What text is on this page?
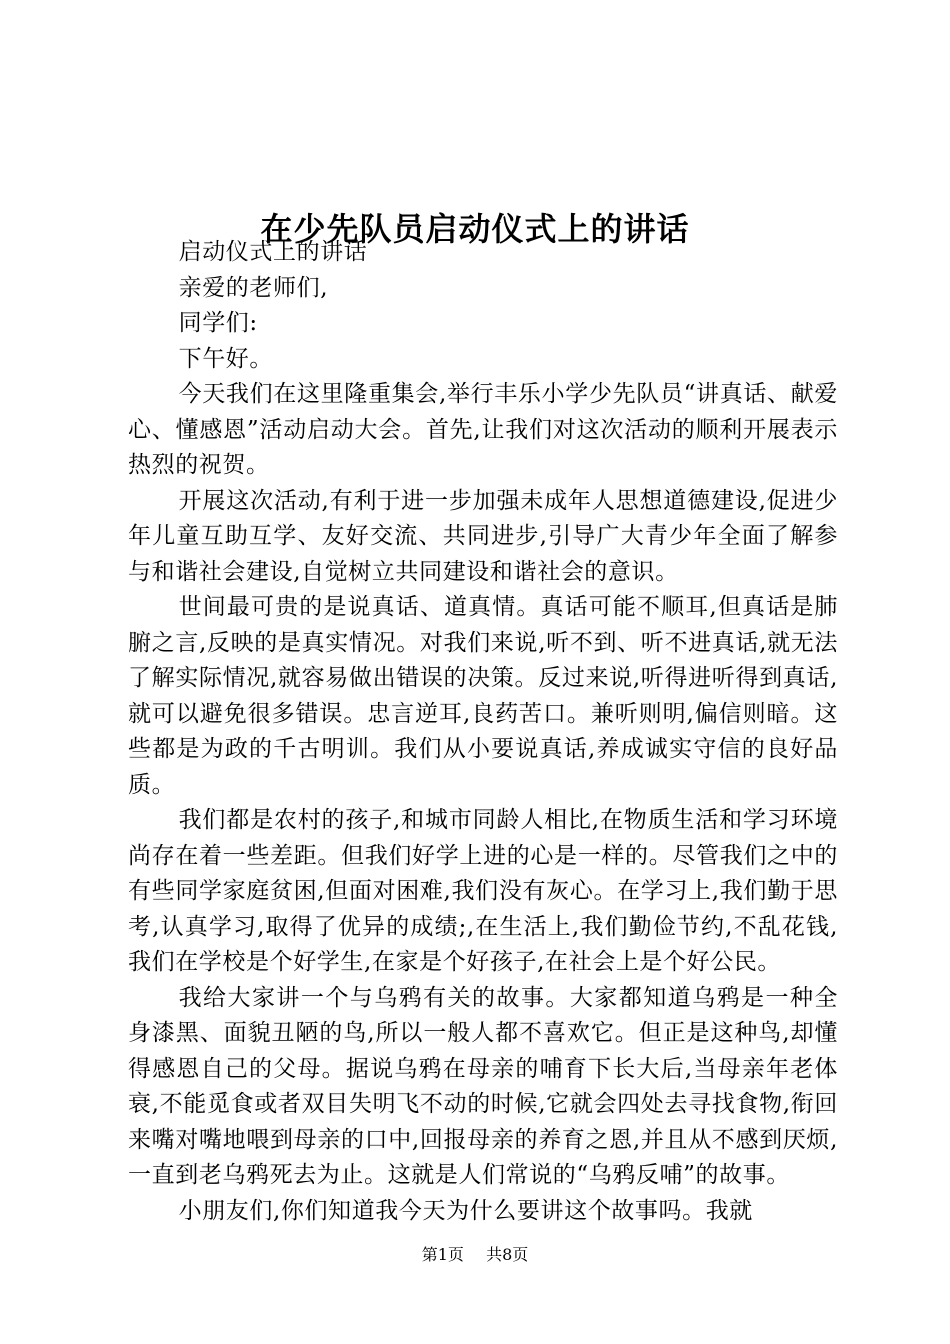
在少先队员启动仪式上的讲话

启动仪式上的讲话

亲爱的老师们,

同学们:

下午好。

今天我们在这里隆重集会,举行丰乐小学少先队员“讲真话、献爱心、懂感恩”活动启动大会。首先,让我们对这次活动的顺利开展表示热烈的祝贺。

开展这次活动,有利于进一步加强未成年人思想道德建设,促进少年儿童互助互学、友好交流、共同进步,引导广大青少年全面了解参与和谐社会建设,自觉树立共同建设和谐社会的意识。

世间最可贵的是说真话、道真情。真话可能不顺耳,但真话是肺腑之言,反映的是真实情况。对我们来说,听不到、听不进真话,就无法了解实际情况,就容易做出错误的决策。反过来说,听得进听得到真话,就可以避免很多错误。忠言逆耳,良药苦口。兼听则明,偏信则暗。这些都是为政的千古明训。我们从小要说真话,养成诚实守信的良好品质。

我们都是农村的孩子,和城市同龄人相比,在物质生活和学习环境尚存在着一些差距。但我们好学上进的心是一样的。尽管我们之中的有些同学家庭贫困,但面对困难,我们没有灰心。在学习上,我们勤于思考,认真学习,取得了优异的成绩;,在生活上,我们勤俭节约,不乱花钱,我们在学校是个好学生,在家是个好孩子,在社会上是个好公民。

我给大家讲一个与乌鸦有关的故事。大家都知道乌鸦是一种全身漆黑、面貌丑陋的鸟,所以一般人都不喜欢它。但正是这种鸟,却懂得感恩自己的父母。据说乌鸦在母亲的哺育下长大后,当母亲年老体衰,不能觅食或者双目失明飞不动的时候,它就会四处去寻找食物,衔回来嘴对嘴地喂到母亲的口中,回报母亲的养育之恩,并且从不感到厌烦,一直到老乌鸦死去为止。这就是人们常说的“乌鸦反哺”的故事。

小朋友们,你们知道我今天为什么要讲这个故事吗。我就

第1页 共8页
